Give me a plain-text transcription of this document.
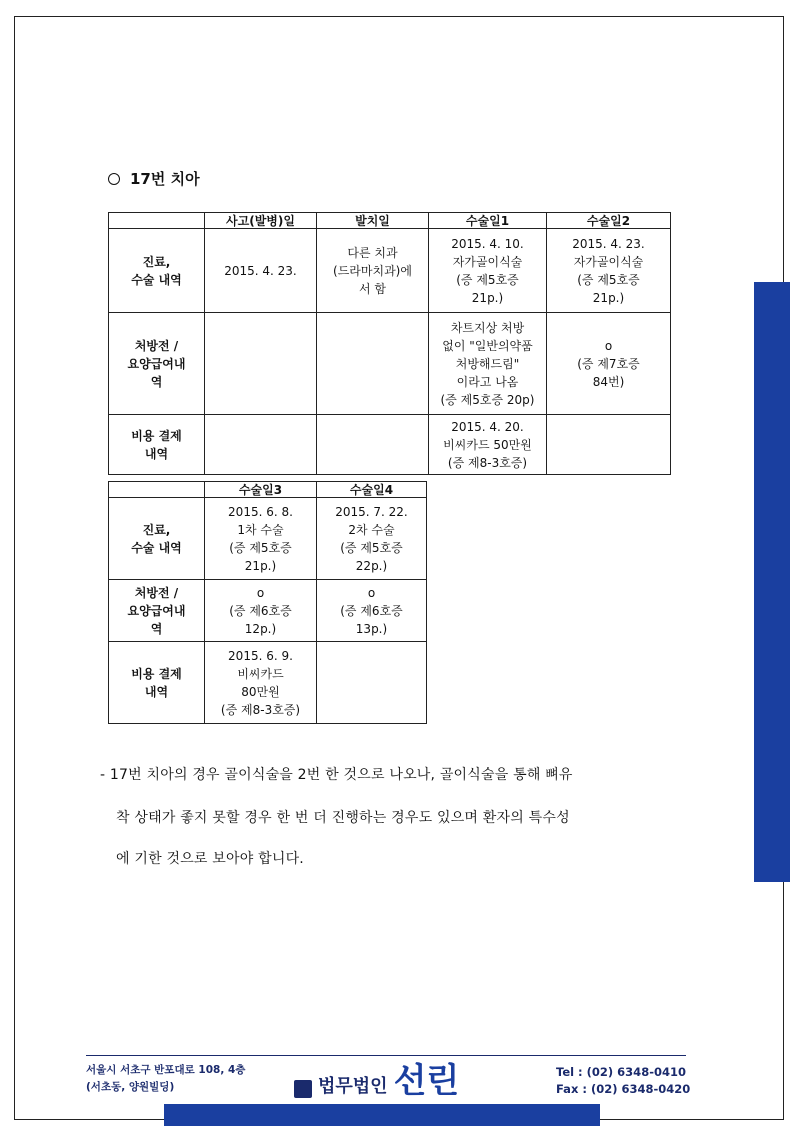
17번 치아
	사고(발병)일	발치일	수술일1	수술일2
진료,
수술 내역	2015. 4. 23.	다른 치과
(드라마치과)에
서 함	2015. 4. 10.
자가골이식술
(증 제5호증
21p.)	2015. 4. 23.
자가골이식술
(증 제5호증
21p.)
처방전 /
요양급여내
역			차트지상 처방
없이 "일반의약품
처방해드림"
이라고 나옴
(증 제5호증 20p)	o
(증 제7호증
84번)
비용 결제
내역			2015. 4. 20.
비씨카드 50만원
(증 제8-3호증)	
	수술일3	수술일4
진료,
수술 내역	2015. 6. 8.
1차 수술
(증 제5호증
21p.)	2015. 7. 22.
2차 수술
(증 제5호증
22p.)
처방전 /
요양급여내
역	o
(증 제6호증
12p.)	o
(증 제6호증
13p.)
비용 결제
내역	2015. 6. 9.
비씨카드
80만원
(증 제8-3호증)	
- 17번 치아의 경우 골이식술을 2번 한 것으로 나오나, 골이식술을 통해 뼈유
착 상태가 좋지 못할 경우 한 번 더 진행하는 경우도 있으며 환자의 특수성
에 기한 것으로 보아야 합니다.
서울시 서초구 반포대로 108, 4층
(서초동, 양원빌딩)	법무법인 선린	Tel : (02) 6348-0410
Fax : (02) 6348-0420
